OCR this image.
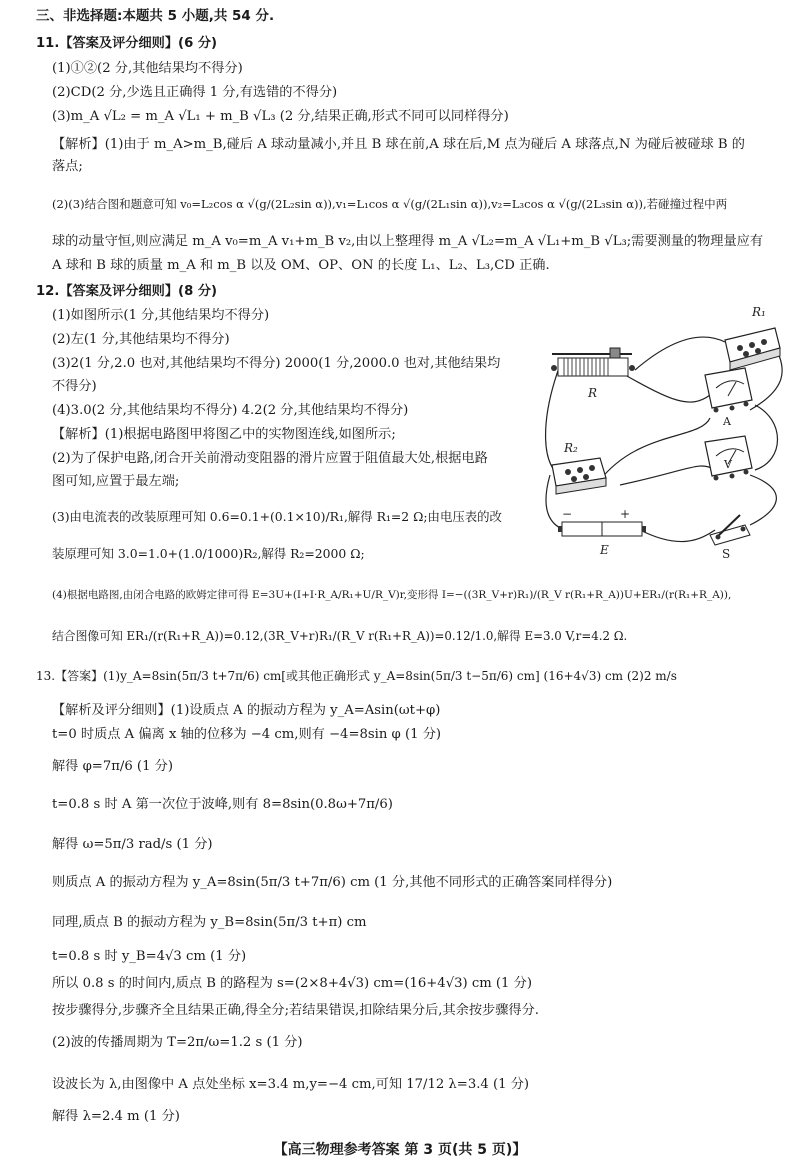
三、非选择题:本题共 5 小题,共 54 分.
11.【答案及评分细则】(6 分)
(1)①②(2 分,其他结果均不得分)
(2)CD(2 分,少选且正确得 1 分,有选错的不得分)
(3)m_A √L₂ = m_A √L₁ + m_B √L₃ (2 分,结果正确,形式不同可以同样得分)
【解析】(1)由于 m_A>m_B,碰后 A 球动量减小,并且 B 球在前,A 球在后,M 点为碰后 A 球落点,N 为碰后被碰球 B 的
落点;
(2)(3)结合图和题意可知 v₀=L₂cos α √(g/(2L₂sin α)),v₁=L₁cos α √(g/(2L₁sin α)),v₂=L₃cos α √(g/(2L₃sin α)),若碰撞过程中两
球的动量守恒,则应满足 m_A v₀=m_A v₁+m_B v₂,由以上整理得 m_A √L₂=m_A √L₁+m_B √L₃;需要测量的物理量应有
A 球和 B 球的质量 m_A 和 m_B 以及 OM、OP、ON 的长度 L₁、L₂、L₃,CD 正确.
12.【答案及评分细则】(8 分)
(1)如图所示(1 分,其他结果均不得分)
(2)左(1 分,其他结果均不得分)
(3)2(1 分,2.0 也对,其他结果均不得分) 2000(1 分,2000.0 也对,其他结果均
不得分)
(4)3.0(2 分,其他结果均不得分) 4.2(2 分,其他结果均不得分)
【解析】(1)根据电路图甲将图乙中的实物图连线,如图所示;
(2)为了保护电路,闭合开关前滑动变阻器的滑片应置于阻值最大处,根据电路
图可知,应置于最左端;
(3)由电流表的改装原理可知 0.6=0.1+(0.1×10)/R₁,解得 R₁=2 Ω;由电压表的改
装原理可知 3.0=1.0+(1.0/1000)R₂,解得 R₂=2000 Ω;
(4)根据电路图,由闭合电路的欧姆定律可得 E=3U+(I+I·R_A/R₁+U/R_V)r,变形得 I=−((3R_V+r)R₁)/(R_V r(R₁+R_A))U+ER₁/(r(R₁+R_A)),
结合图像可知 ER₁/(r(R₁+R_A))=0.12,(3R_V+r)R₁/(R_V r(R₁+R_A))=0.12/1.0,解得 E=3.0 V,r=4.2 Ω.
R₁
R
A
R₂
V
−	+
E	S
13.【答案】(1)y_A=8sin(5π/3 t+7π/6) cm[或其他正确形式 y_A=8sin(5π/3 t−5π/6) cm] (16+4√3) cm (2)2 m/s
【解析及评分细则】(1)设质点 A 的振动方程为 y_A=Asin(ωt+φ)
t=0 时质点 A 偏离 x 轴的位移为 −4 cm,则有 −4=8sin φ (1 分)
解得 φ=7π/6 (1 分)
t=0.8 s 时 A 第一次位于波峰,则有 8=8sin(0.8ω+7π/6)
解得 ω=5π/3 rad/s (1 分)
则质点 A 的振动方程为 y_A=8sin(5π/3 t+7π/6) cm (1 分,其他不同形式的正确答案同样得分)
同理,质点 B 的振动方程为 y_B=8sin(5π/3 t+π) cm
t=0.8 s 时 y_B=4√3 cm (1 分)
所以 0.8 s 的时间内,质点 B 的路程为 s=(2×8+4√3) cm=(16+4√3) cm (1 分)
按步骤得分,步骤齐全且结果正确,得全分;若结果错误,扣除结果分后,其余按步骤得分.
(2)波的传播周期为 T=2π/ω=1.2 s (1 分)
设波长为 λ,由图像中 A 点处坐标 x=3.4 m,y=−4 cm,可知 17/12 λ=3.4 (1 分)
解得 λ=2.4 m (1 分)
【高三物理参考答案 第 3 页(共 5 页)】
